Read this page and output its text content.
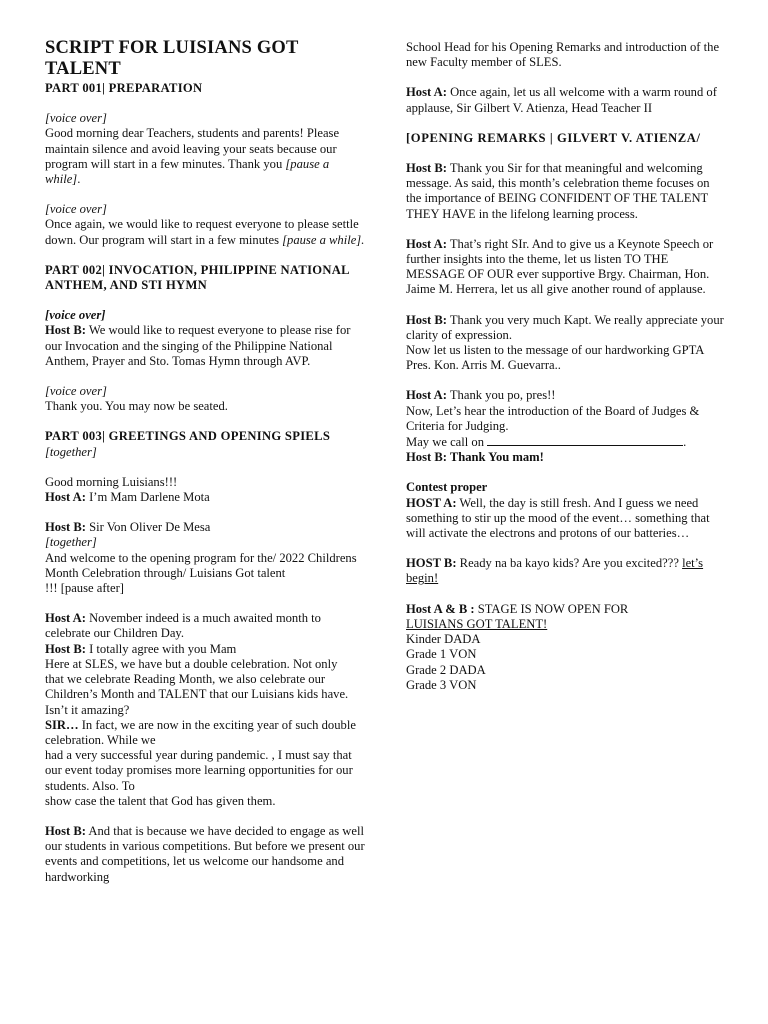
SCRIPT FOR LUISIANS GOT TALENT

PART 001| PREPARATION

[voice over]

Good morning dear Teachers, students and parents! Please maintain silence and avoid leaving your seats because our program will start in a few minutes. Thank you [pause a while].

[voice over]

Once again, we would like to request everyone to please settle down. Our program will start in a few minutes [pause a while].

PART 002| INVOCATION, PHILIPPINE NATIONAL ANTHEM, AND STI HYMN

[voice over]

Host B: We would like to request everyone to please rise for our Invocation and the singing of the Philippine National Anthem, Prayer and Sto. Tomas Hymn through AVP.

[voice over]

Thank you. You may now be seated.

PART 003| GREETINGS AND OPENING SPIELS

[together]

Good morning Luisians!!!

Host A: I’m Mam Darlene Mota

Host B: Sir Von Oliver De Mesa

[together]

And welcome to the opening program for the/ 2022 Childrens Month Celebration through/ Luisians Got talent

!!! [pause after]

Host A: November indeed is a much awaited month to celebrate our Children Day.

Host B: I totally agree with you Mam

Here at SLES, we have but a double celebration. Not only

that we celebrate Reading Month, we also celebrate our Children’s Month and TALENT that our Luisians kids have. Isn’t it amazing?

SIR… In fact, we are now in the exciting year of such double celebration. While we

had a very successful year during pandemic. , I must say that our event today promises more learning opportunities for our students. Also. To

show case the talent that God has given them.

Host B: And that is because we have decided to engage as well our students in various competitions. But before we present our events and competitions, let us welcome our handsome and hardworking

School Head for his Opening Remarks and introduction of the new Faculty member of SLES.

Host A: Once again, let us all welcome with a warm round of applause, Sir Gilbert V. Atienza, Head Teacher II

[OPENING REMARKS | GILVERT V. ATIENZA/

Host B: Thank you Sir for that meaningful and welcoming message. As said, this month’s celebration theme focuses on the importance of BEING CONFIDENT OF THE TALENT THEY HAVE in the lifelong learning process.

Host A: That’s right SIr. And to give us a Keynote Speech or further insights into the theme, let us listen TO THE MESSAGE OF OUR ever supportive Brgy. Chairman, Hon. Jaime M. Herrera, let us all give another round of applause.

Host B: Thank you very much Kapt. We really appreciate your clarity of expression.

Now let us listen to the message of our hardworking GPTA Pres. Kon. Arris M. Guevarra..

Host A: Thank you po, pres!!

Now, Let’s hear the introduction of the Board of Judges & Criteria for Judging.

May we call on	.

Host B: Thank You mam!

Contest proper

HOST A: Well, the day is still fresh. And I guess we need something to stir up the mood of the event… something that will activate the electrons and protons of our batteries…

HOST B: Ready na ba kayo kids? Are you excited??? let’s begin!

Host A & B : STAGE IS NOW OPEN FOR

LUISIANS GOT TALENT!

Kinder DADA

Grade 1 VON

Grade 2 DADA

Grade 3 VON
